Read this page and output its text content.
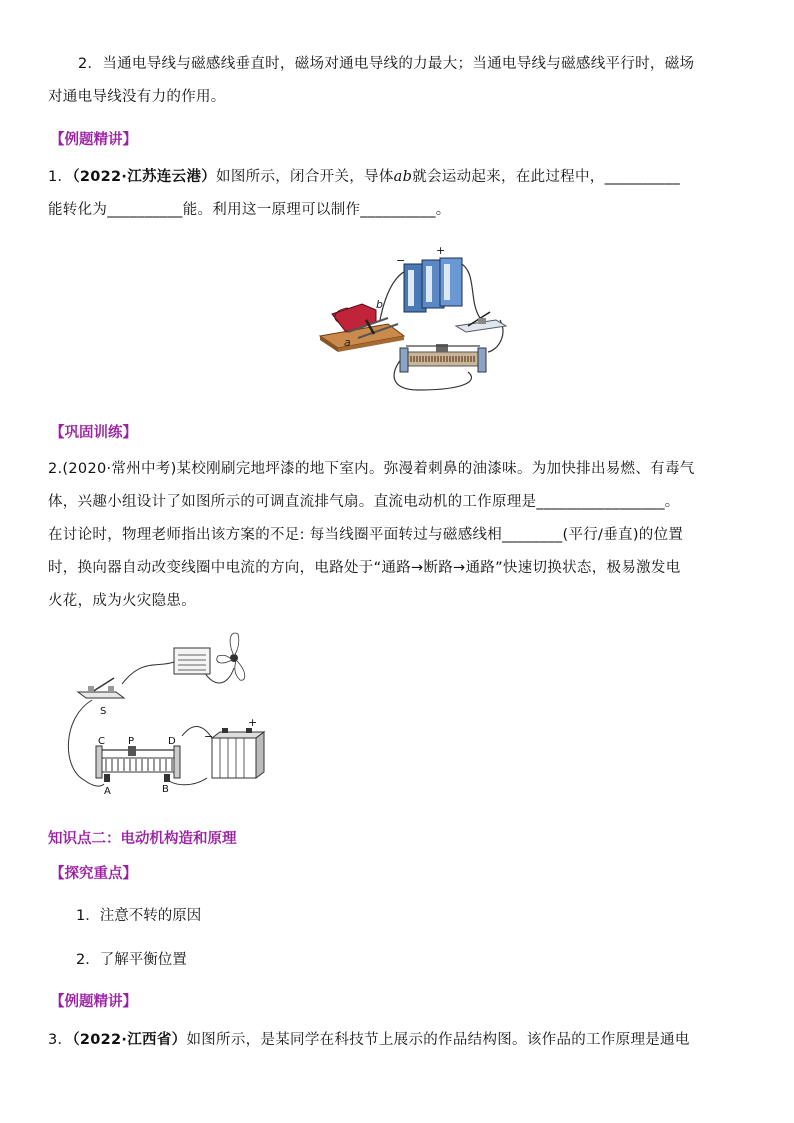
2．当通电导线与磁感线垂直时，磁场对通电导线的力最大；当通电导线与磁感线平行时，磁场
对通电导线没有力的作用。
【例题精讲】
1．（2022·江苏连云港）如图所示，闭合开关，导体ab就会运动起来，在此过程中，__________
能转化为__________能。利用这一原理可以制作__________。
a
b
−
+
【巩固训练】
2.(2020·常州中考)某校刚刷完地坪漆的地下室内。弥漫着刺鼻的油漆味。为加快排出易燃、有毒气
体，兴趣小组设计了如图所示的可调直流排气扇。直流电动机的工作原理是_________________。
在讨论时，物理老师指出该方案的不足: 每当线圈平面转过与磁感线相________(平行/垂直)的位置
时，换向器自动改变线圈中电流的方向，电路处于“通路→断路→通路”快速切换状态，极易激发电
火花，成为火灾隐患。
S
C P	D
A	B
−
+
知识点二：电动机构造和原理
【探究重点】
1．注意不转的原因
2．了解平衡位置
【例题精讲】
3．（2022·江西省）如图所示，是某同学在科技节上展示的作品结构图。该作品的工作原理是通电
